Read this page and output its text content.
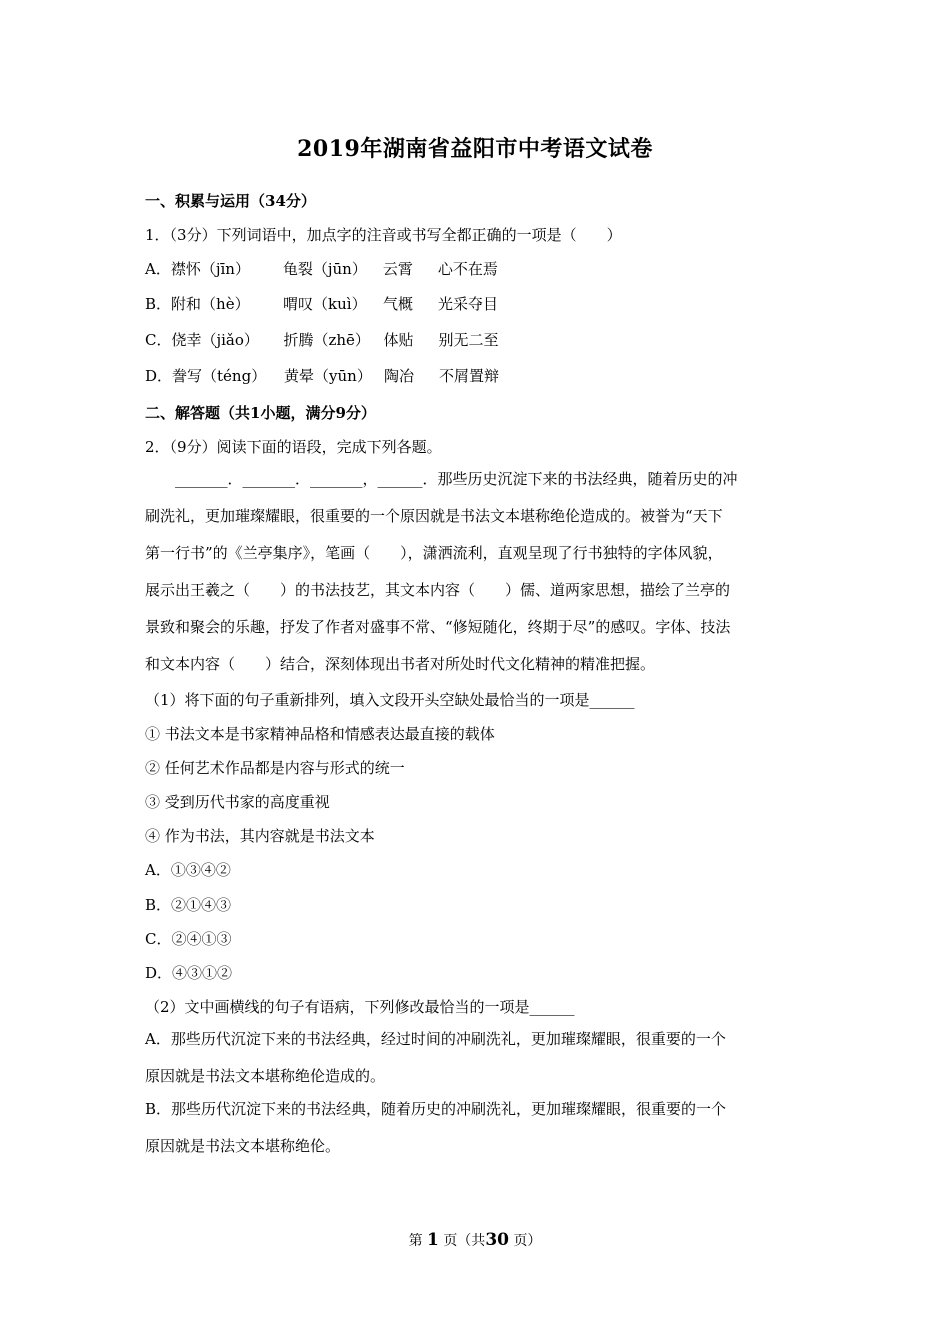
2019年湖南省益阳市中考语文试卷
一、积累与运用（34分）
1．（3分）下列词语中，加点字的注音或书写全都正确的一项是（　　）
A．襟怀（jīn） 龟裂（jūn） 云霄 心不在焉
B．附和（hè） 喟叹（kuì） 气概 光采夺目
C．侥幸（jiǎo） 折腾（zhē） 体贴 别无二至
D．誊写（téng） 黄晕（yūn） 陶冶 不屑置辩
二、解答题（共1小题，满分9分）
2．（9分）阅读下面的语段，完成下列各题。
　　_______．_______．_______，______．那些历史沉淀下来的书法经典，随着历史的冲
刷洗礼，更加璀璨耀眼，很重要的一个原因就是书法文本堪称绝伦造成的。被誉为“天下
第一行书”的《兰亭集序》，笔画（　　），潇洒流利，直观呈现了行书独特的字体风貌，
展示出王羲之（　　）的书法技艺，其文本内容（　　）儒、道两家思想，描绘了兰亭的
景致和聚会的乐趣，抒发了作者对盛事不常、“修短随化，终期于尽”的感叹。字体、技法
和文本内容（　　）结合，深刻体现出书者对所处时代文化精神的精准把握。
（1）将下面的句子重新排列，填入文段开头空缺处最恰当的一项是______
① 书法文本是书家精神品格和情感表达最直接的载体
② 任何艺术作品都是内容与形式的统一
③ 受到历代书家的高度重视
④ 作为书法，其内容就是书法文本
A．①③④②
B．②①④③
C．②④①③
D．④③①②
（2）文中画横线的句子有语病，下列修改最恰当的一项是______
A．那些历代沉淀下来的书法经典，经过时间的冲刷洗礼，更加璀璨耀眼，很重要的一个
原因就是书法文本堪称绝伦造成的。
B．那些历代沉淀下来的书法经典，随着历史的冲刷洗礼，更加璀璨耀眼，很重要的一个
原因就是书法文本堪称绝伦。
第 1 页（共30 页）
